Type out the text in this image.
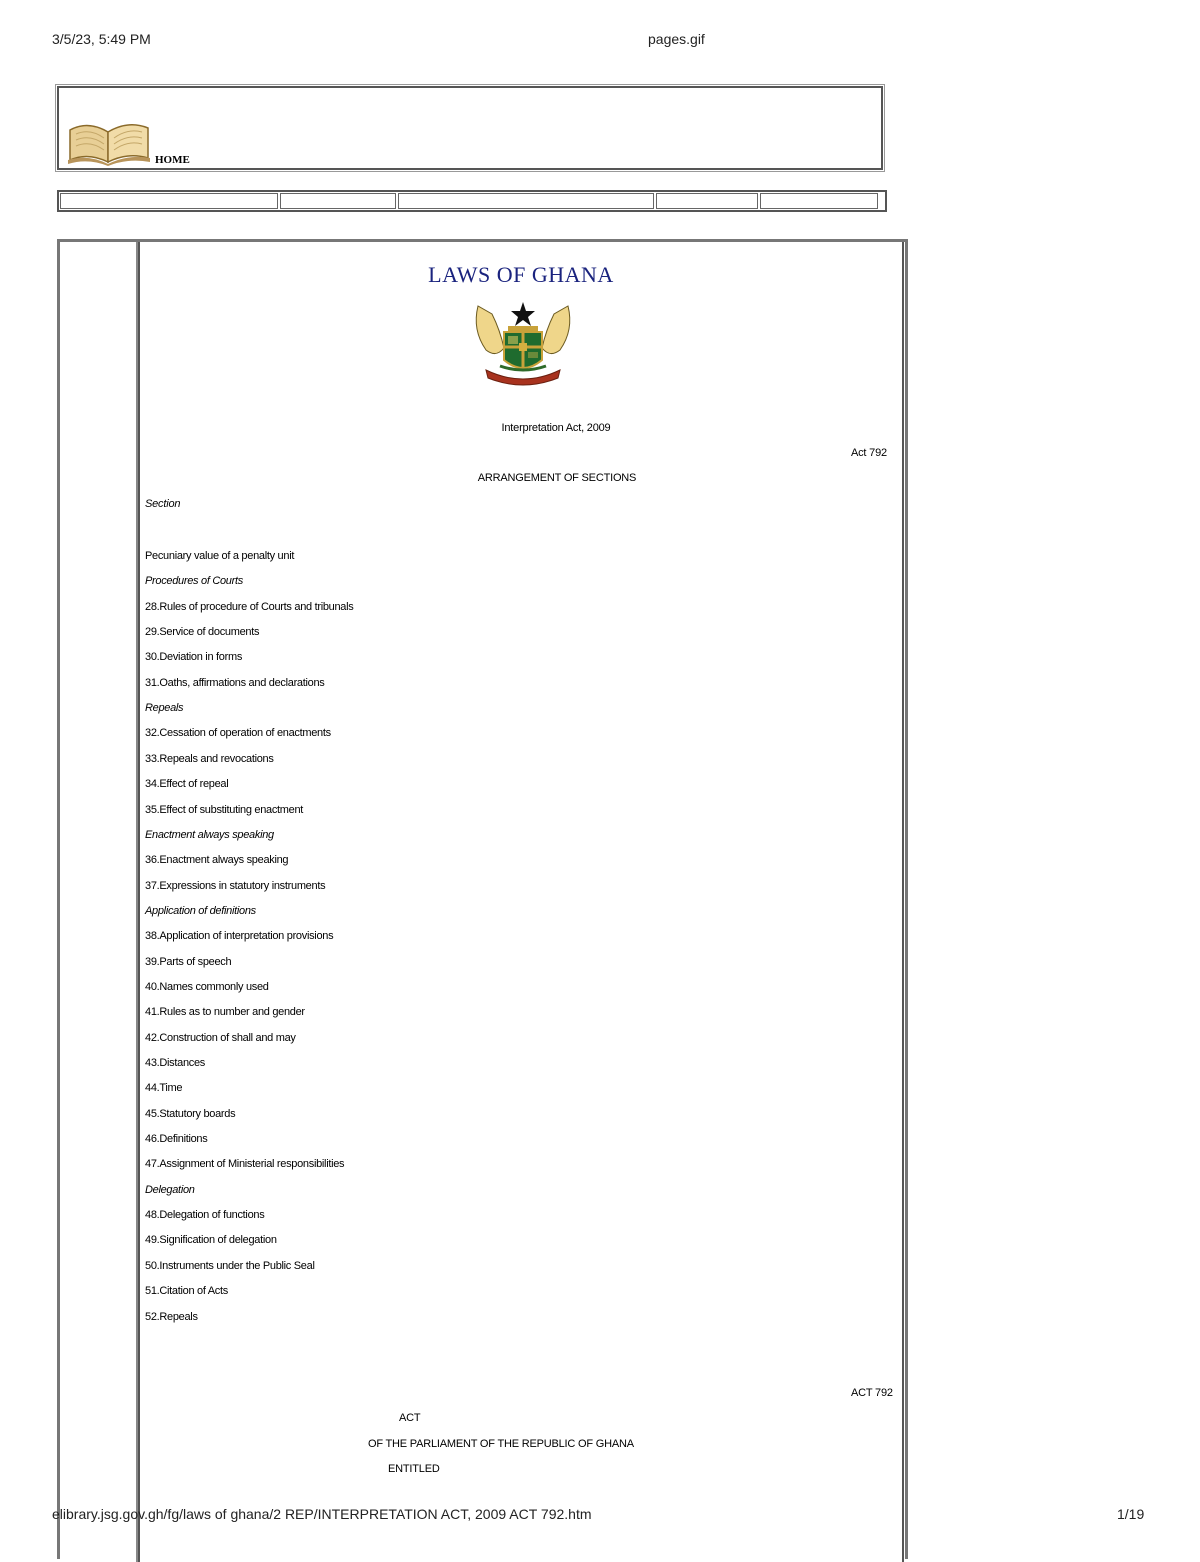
3/5/23, 5:49 PM	pages.gif
HOME
LAWS OF GHANA
Interpretation Act, 2009
Act 792
ARRANGEMENT OF SECTIONS
Section
Pecuniary value of a penalty unit
Procedures of Courts
28.Rules of procedure of Courts and tribunals
29.Service of documents
30.Deviation in forms
31.Oaths, affirmations and declarations
Repeals
32.Cessation of operation of enactments
33.Repeals and revocations
34.Effect of repeal
35.Effect of substituting enactment
Enactment always speaking
36.Enactment always speaking
37.Expressions in statutory instruments
Application of definitions
38.Application of interpretation provisions
39.Parts of speech
40.Names commonly used
41.Rules as to number and gender
42.Construction of shall and may
43.Distances
44.Time
45.Statutory boards
46.Definitions
47.Assignment of Ministerial responsibilities
Delegation
48.Delegation of functions
49.Signification of delegation
50.Instruments under the Public Seal
51.Citation of Acts
52.Repeals
ACT 792
ACT
OF THE PARLIAMENT OF THE REPUBLIC OF GHANA
ENTITLED
elibrary.jsg.gov.gh/fg/laws of ghana/2 REP/INTERPRETATION ACT, 2009 ACT 792.htm	1/19
